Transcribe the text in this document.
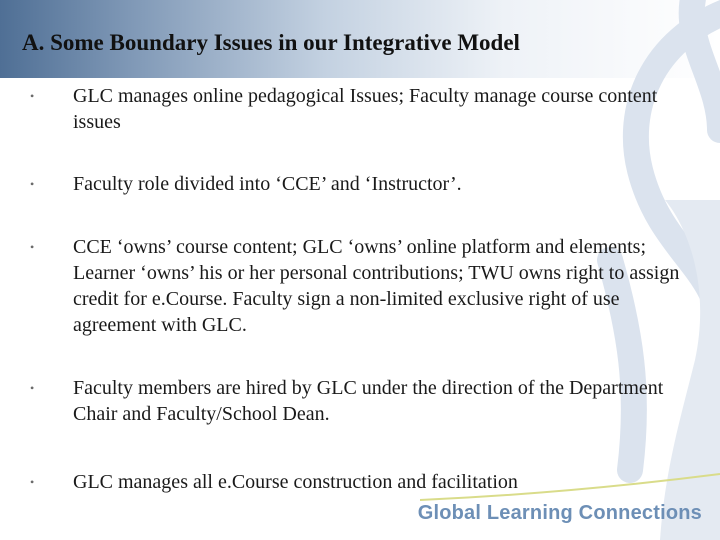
A. Some Boundary Issues in our Integrative Model
• GLC manages online pedagogical Issues; Faculty manage course content issues
• Faculty role divided into ‘CCE’ and ‘Instructor’.
• CCE ‘owns’ course content; GLC ‘owns’ online platform and elements; Learner ‘owns’ his or her personal contributions; TWU owns right to assign credit for e.Course. Faculty sign a non-limited exclusive right of use agreement with GLC.
• Faculty members are hired by GLC under the direction of the Department Chair and Faculty/School Dean.
• GLC manages all e.Course construction and facilitation
Global Learning Connections
